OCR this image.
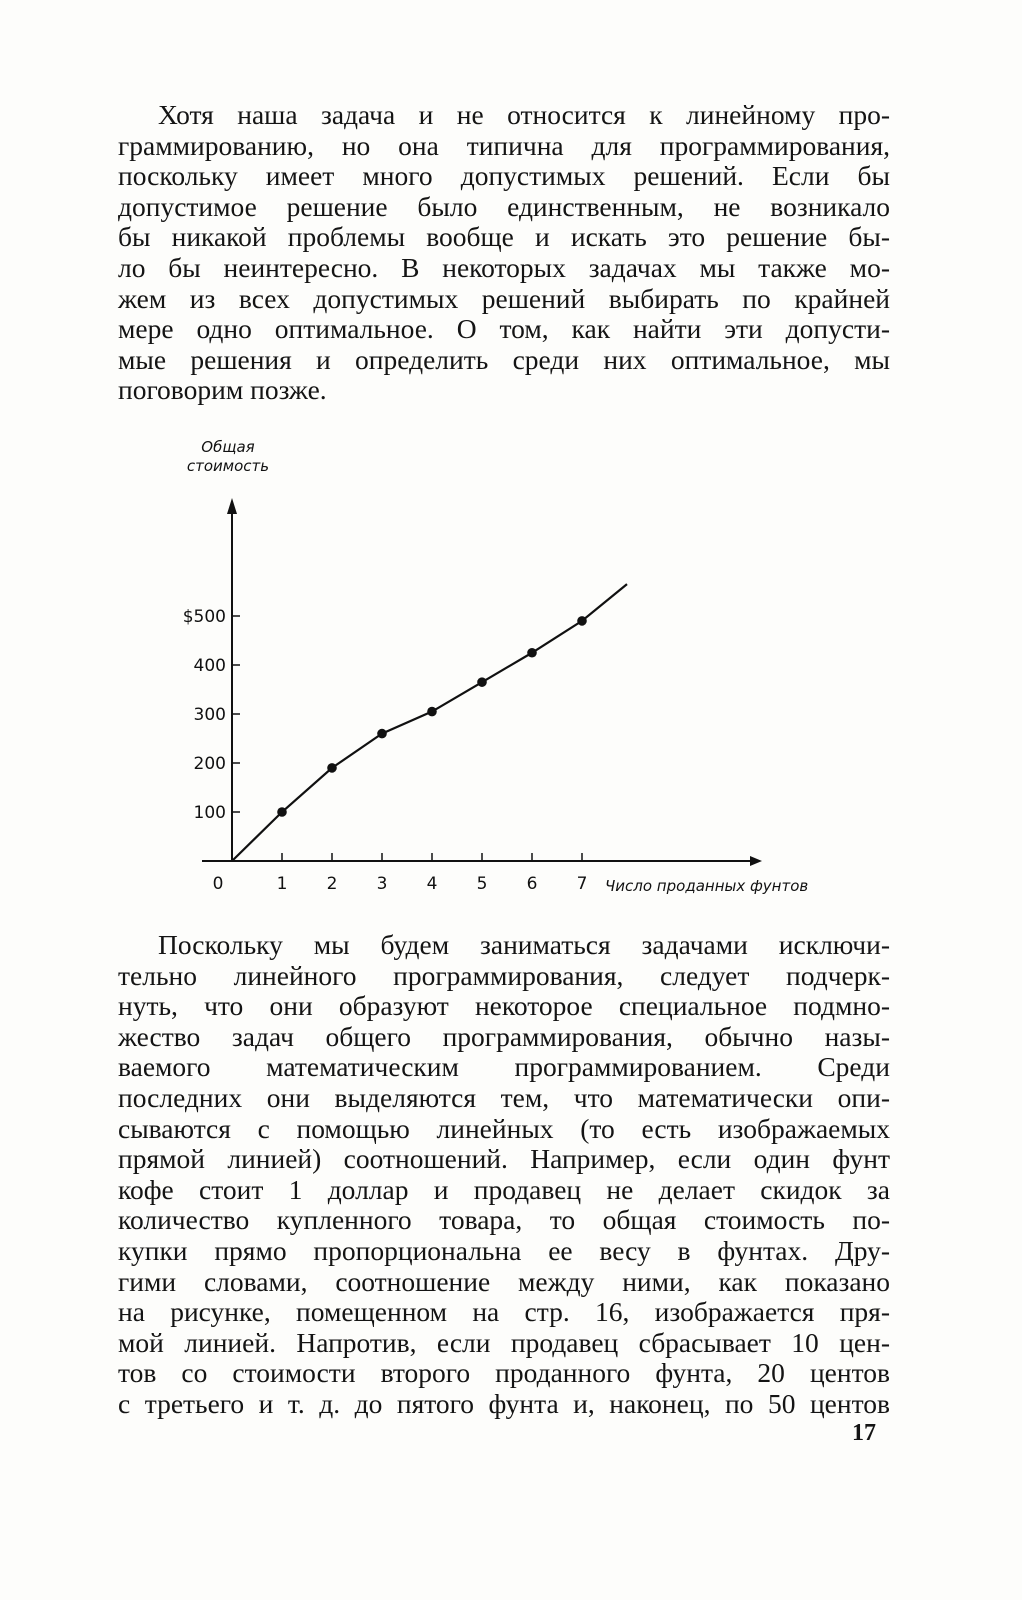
Хотя наша задача и не относится к линейному про-
граммированию, но она типична для программирования,
поскольку имеет много допустимых решений. Если бы
допустимое решение было единственным, не возникало
бы никакой проблемы вообще и искать это решение бы-
ло бы неинтересно. В некоторых задачах мы также мо-
жем из всех допустимых решений выбирать по крайней
мере одно оптимальное. О том, как найти эти допусти-
мые решения и определить среди них оптимальное, мы
поговорим позже.
100
200
300
400
$500
0	1 2 3 4 5 6 7
Общая
стоимость
Число проданных фунтов
Поскольку мы будем заниматься задачами исключи-
тельно линейного программирования, следует подчерк-
нуть, что они образуют некоторое специальное подмно-
жество задач общего программирования, обычно назы-
ваемого математическим программированием. Среди
последних они выделяются тем, что математически опи-
сываются с помощью линейных (то есть изображаемых
прямой линией) соотношений. Например, если один фунт
кофе стоит 1 доллар и продавец не делает скидок за
количество купленного товара, то общая стоимость по-
купки прямо пропорциональна ее весу в фунтах. Дру-
гими словами, соотношение между ними, как показано
на рисунке, помещенном на стр. 16, изображается пря-
мой линией. Напротив, если продавец сбрасывает 10 цен-
тов со стоимости второго проданного фунта, 20 центов
с третьего и т. д. до пятого фунта и, наконец, по 50 центов
17
